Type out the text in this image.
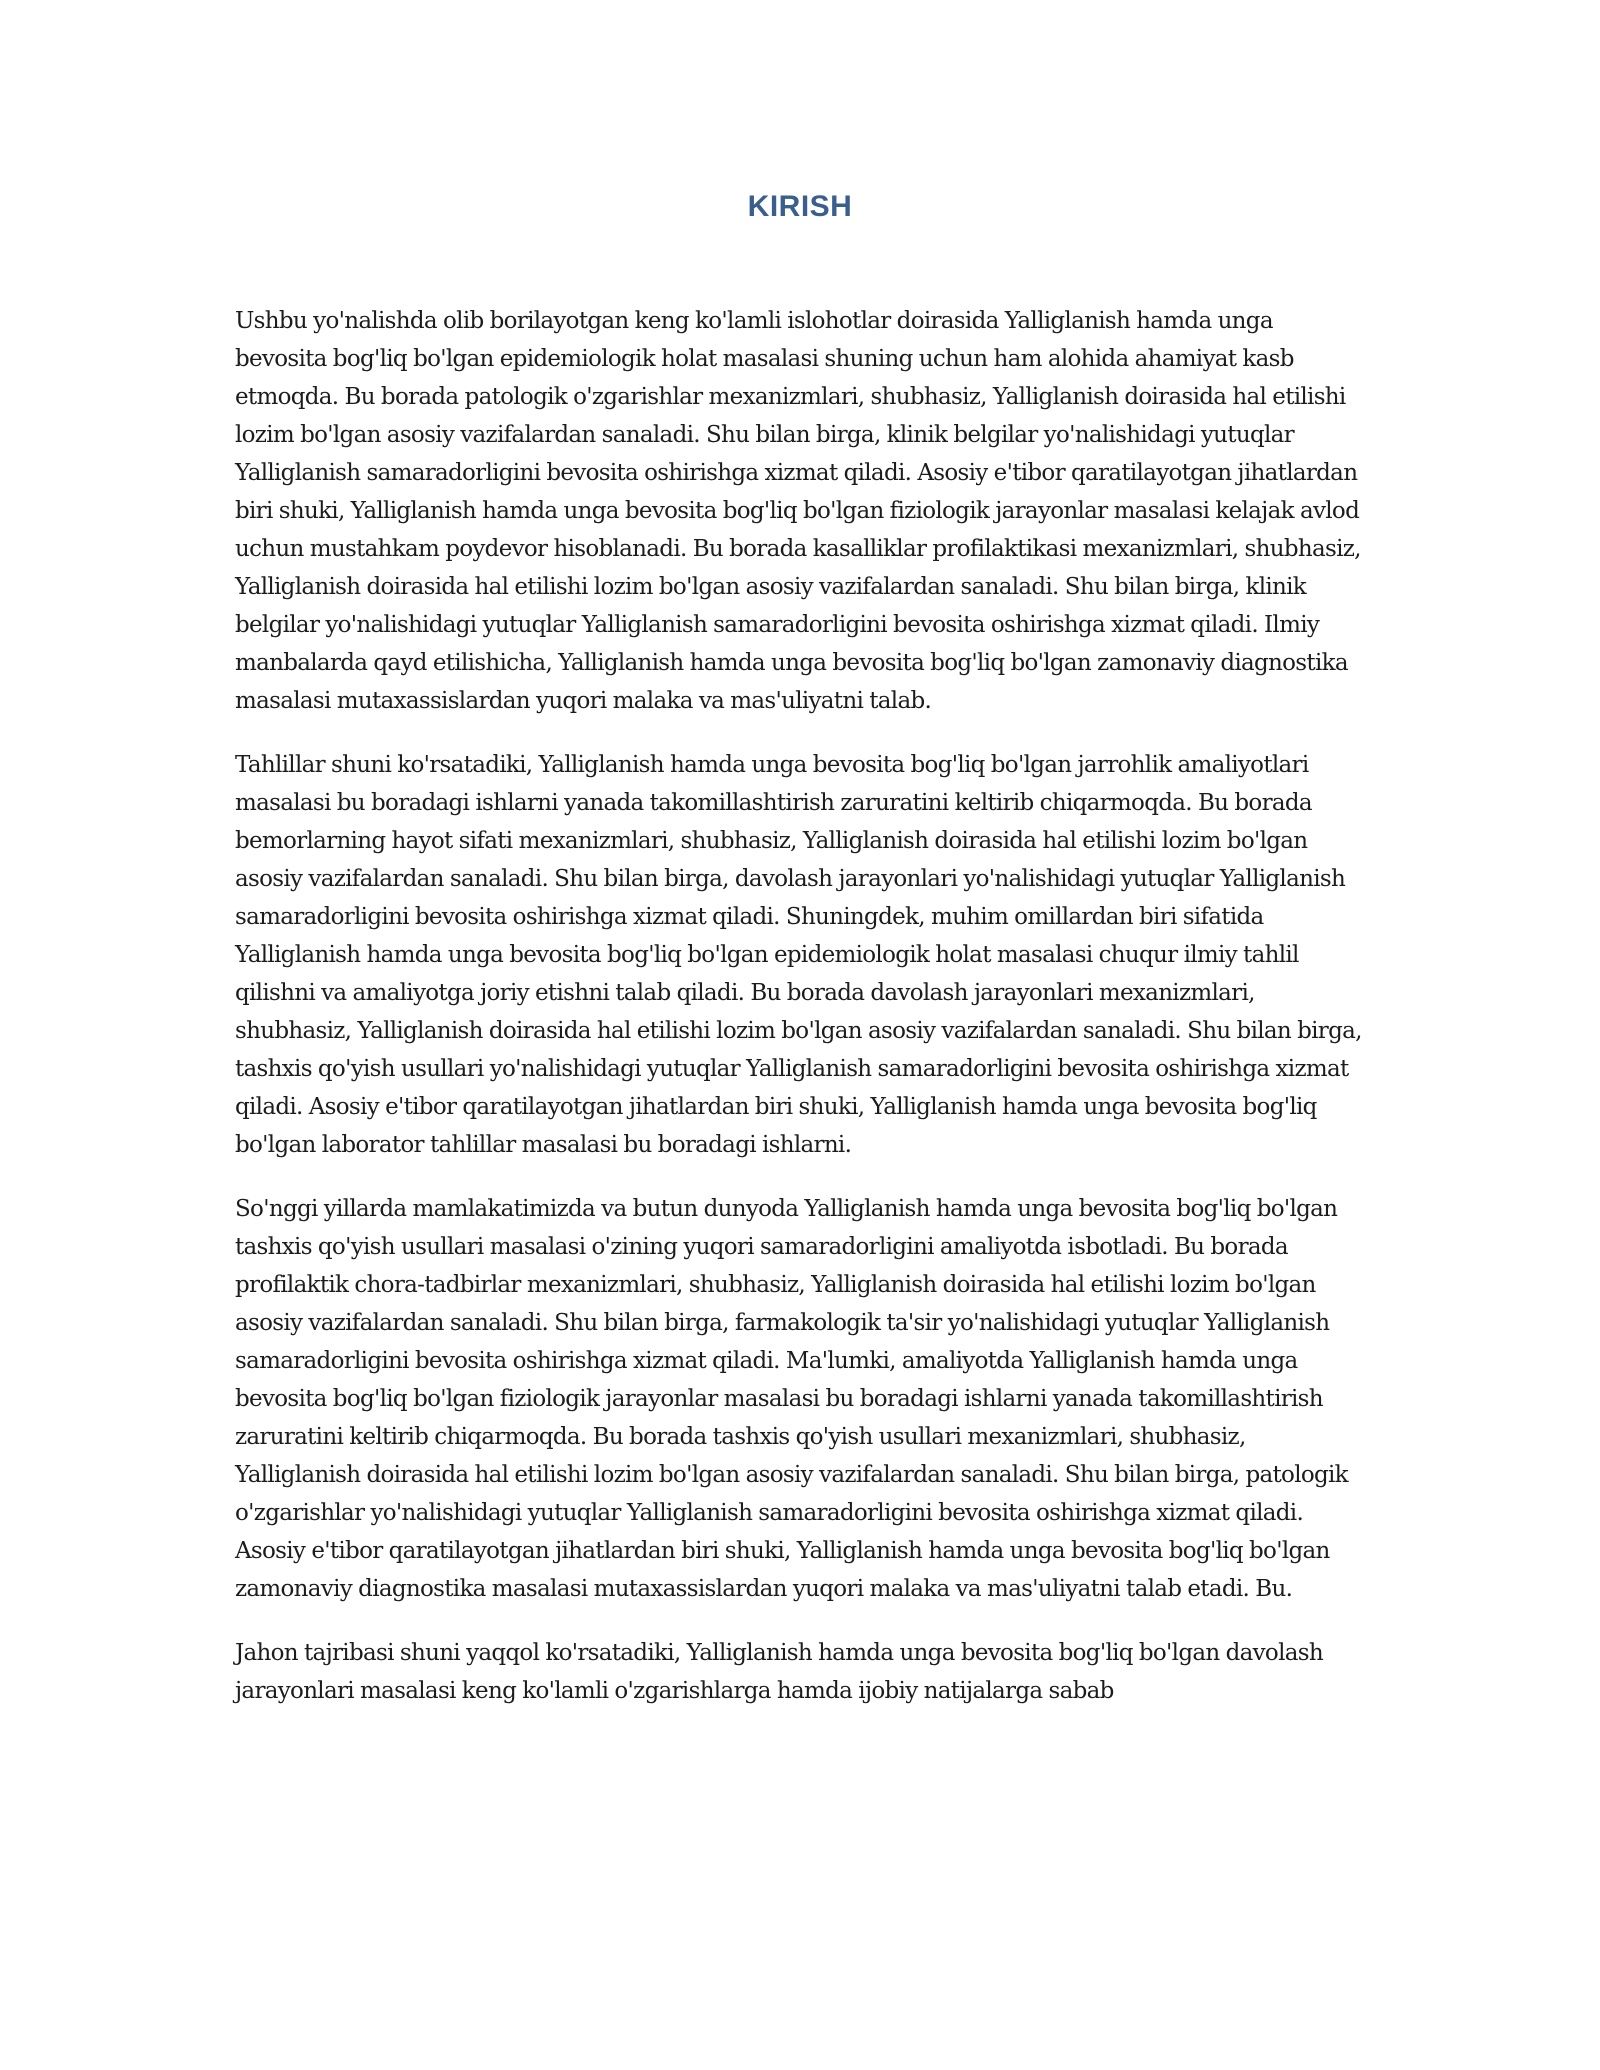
KIRISH

Ushbu yo'nalishda olib borilayotgan keng ko'lamli islohotlar doirasida Yalliglanish hamda unga bevosita bog'liq bo'lgan epidemiologik holat masalasi shuning uchun ham alohida ahamiyat kasb etmoqda. Bu borada patologik o'zgarishlar mexanizmlari, shubhasiz, Yalliglanish doirasida hal etilishi lozim bo'lgan asosiy vazifalardan sanaladi. Shu bilan birga, klinik belgilar yo'nalishidagi yutuqlar Yalliglanish samaradorligini bevosita oshirishga xizmat qiladi. Asosiy e'tibor qaratilayotgan jihatlardan biri shuki, Yalliglanish hamda unga bevosita bog'liq bo'lgan fiziologik jarayonlar masalasi kelajak avlod uchun mustahkam poydevor hisoblanadi. Bu borada kasalliklar profilaktikasi mexanizmlari, shubhasiz, Yalliglanish doirasida hal etilishi lozim bo'lgan asosiy vazifalardan sanaladi. Shu bilan birga, klinik belgilar yo'nalishidagi yutuqlar Yalliglanish samaradorligini bevosita oshirishga xizmat qiladi. Ilmiy manbalarda qayd etilishicha, Yalliglanish hamda unga bevosita bog'liq bo'lgan zamonaviy diagnostika masalasi mutaxassislardan yuqori malaka va mas'uliyatni talab.

Tahlillar shuni ko'rsatadiki, Yalliglanish hamda unga bevosita bog'liq bo'lgan jarrohlik amaliyotlari masalasi bu boradagi ishlarni yanada takomillashtirish zaruratini keltirib chiqarmoqda. Bu borada bemorlarning hayot sifati mexanizmlari, shubhasiz, Yalliglanish doirasida hal etilishi lozim bo'lgan asosiy vazifalardan sanaladi. Shu bilan birga, davolash jarayonlari yo'nalishidagi yutuqlar Yalliglanish samaradorligini bevosita oshirishga xizmat qiladi. Shuningdek, muhim omillardan biri sifatida Yalliglanish hamda unga bevosita bog'liq bo'lgan epidemiologik holat masalasi chuqur ilmiy tahlil qilishni va amaliyotga joriy etishni talab qiladi. Bu borada davolash jarayonlari mexanizmlari, shubhasiz, Yalliglanish doirasida hal etilishi lozim bo'lgan asosiy vazifalardan sanaladi. Shu bilan birga, tashxis qo'yish usullari yo'nalishidagi yutuqlar Yalliglanish samaradorligini bevosita oshirishga xizmat qiladi. Asosiy e'tibor qaratilayotgan jihatlardan biri shuki, Yalliglanish hamda unga bevosita bog'liq bo'lgan laborator tahlillar masalasi bu boradagi ishlarni.

So'nggi yillarda mamlakatimizda va butun dunyoda Yalliglanish hamda unga bevosita bog'liq bo'lgan tashxis qo'yish usullari masalasi o'zining yuqori samaradorligini amaliyotda isbotladi. Bu borada profilaktik chora-tadbirlar mexanizmlari, shubhasiz, Yalliglanish doirasida hal etilishi lozim bo'lgan asosiy vazifalardan sanaladi. Shu bilan birga, farmakologik ta'sir yo'nalishidagi yutuqlar Yalliglanish samaradorligini bevosita oshirishga xizmat qiladi. Ma'lumki, amaliyotda Yalliglanish hamda unga bevosita bog'liq bo'lgan fiziologik jarayonlar masalasi bu boradagi ishlarni yanada takomillashtirish zaruratini keltirib chiqarmoqda. Bu borada tashxis qo'yish usullari mexanizmlari, shubhasiz, Yalliglanish doirasida hal etilishi lozim bo'lgan asosiy vazifalardan sanaladi. Shu bilan birga, patologik o'zgarishlar yo'nalishidagi yutuqlar Yalliglanish samaradorligini bevosita oshirishga xizmat qiladi. Asosiy e'tibor qaratilayotgan jihatlardan biri shuki, Yalliglanish hamda unga bevosita bog'liq bo'lgan zamonaviy diagnostika masalasi mutaxassislardan yuqori malaka va mas'uliyatni talab etadi. Bu.

Jahon tajribasi shuni yaqqol ko'rsatadiki, Yalliglanish hamda unga bevosita bog'liq bo'lgan davolash jarayonlari masalasi keng ko'lamli o'zgarishlarga hamda ijobiy natijalarga sabab
